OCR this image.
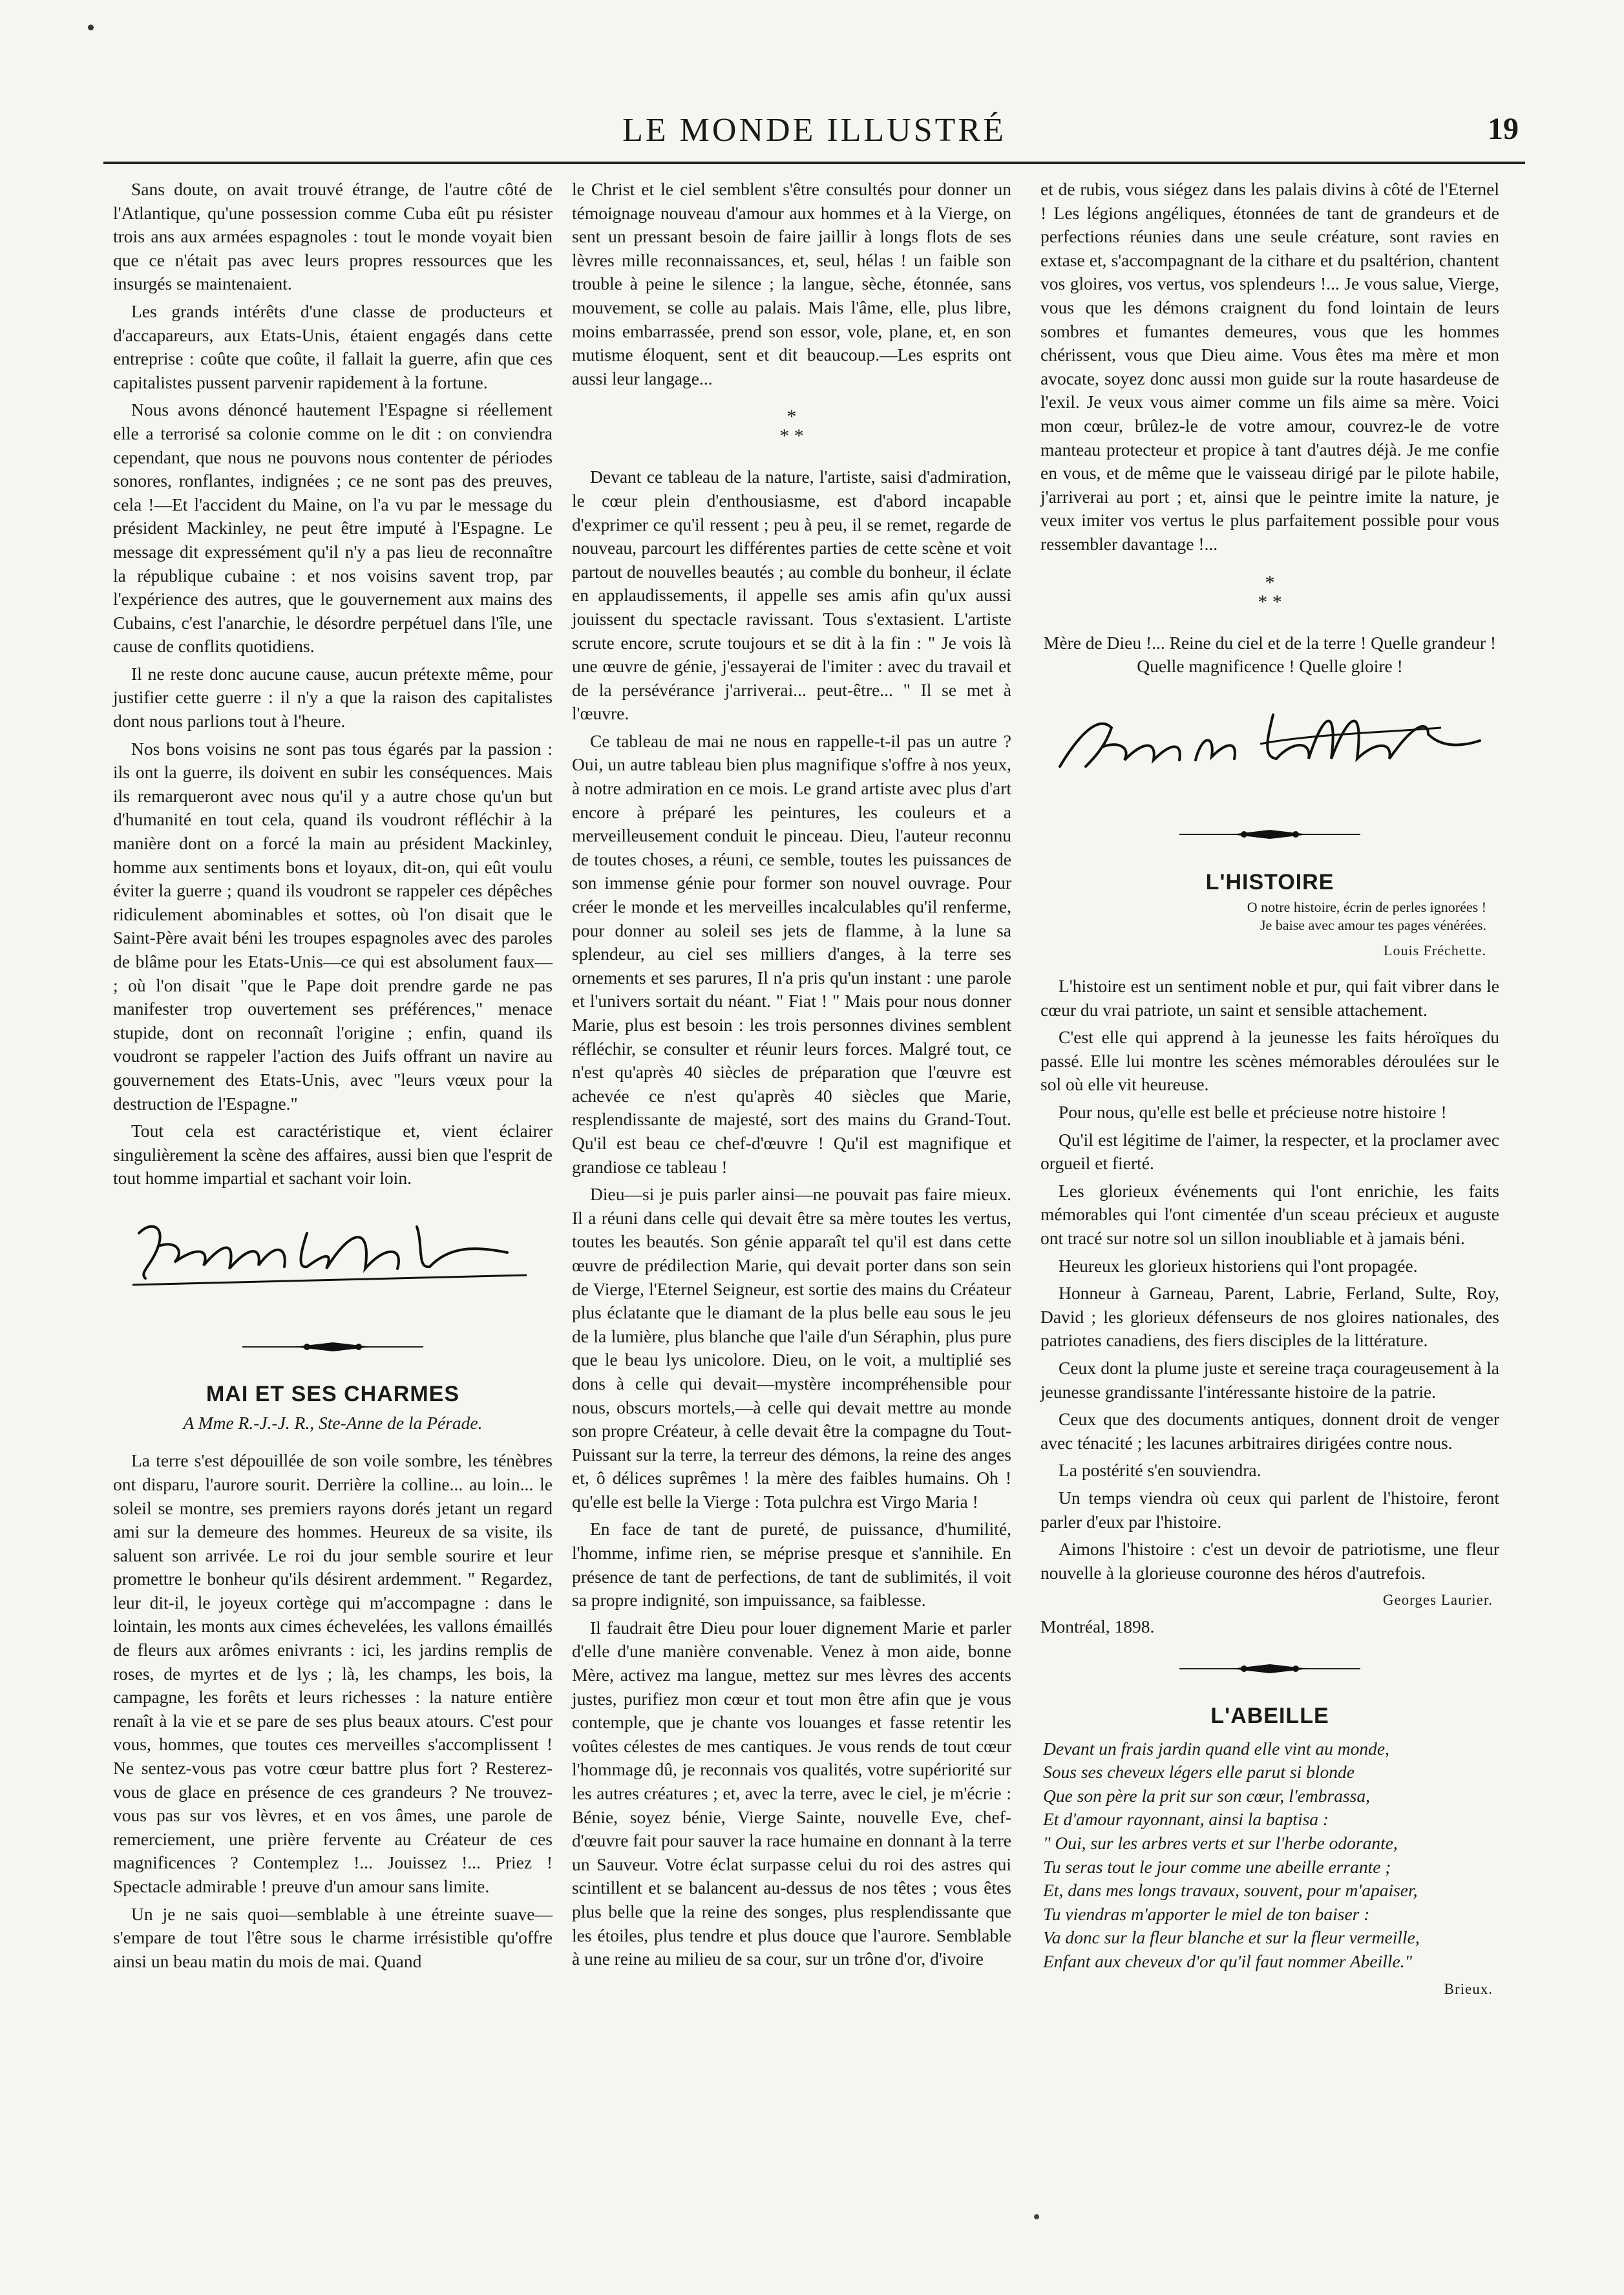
LE MONDE ILLUSTRÉ	19

Sans doute, on avait trouvé étrange, de l'autre côté de l'Atlantique, qu'une possession comme Cuba eût pu résister trois ans aux armées espagnoles : tout le monde voyait bien que ce n'était pas avec leurs propres ressources que les insurgés se maintenaient.

Les grands intérêts d'une classe de producteurs et d'accapareurs, aux Etats-Unis, étaient engagés dans cette entreprise : coûte que coûte, il fallait la guerre, afin que ces capitalistes pussent parvenir rapidement à la fortune.

Nous avons dénoncé hautement l'Espagne si réellement elle a terrorisé sa colonie comme on le dit : on conviendra cependant, que nous ne pouvons nous contenter de périodes sonores, ronflantes, indignées ; ce ne sont pas des preuves, cela !—Et l'accident du Maine, on l'a vu par le message du président Mackinley, ne peut être imputé à l'Espagne. Le message dit expressément qu'il n'y a pas lieu de reconnaître la république cubaine : et nos voisins savent trop, par l'expérience des autres, que le gouvernement aux mains des Cubains, c'est l'anarchie, le désordre perpétuel dans l'île, une cause de conflits quotidiens.

Il ne reste donc aucune cause, aucun prétexte même, pour justifier cette guerre : il n'y a que la raison des capitalistes dont nous parlions tout à l'heure.

Nos bons voisins ne sont pas tous égarés par la passion : ils ont la guerre, ils doivent en subir les conséquences. Mais ils remarqueront avec nous qu'il y a autre chose qu'un but d'humanité en tout cela, quand ils voudront réfléchir à la manière dont on a forcé la main au président Mackinley, homme aux sentiments bons et loyaux, dit-on, qui eût voulu éviter la guerre ; quand ils voudront se rappeler ces dépêches ridiculement abominables et sottes, où l'on disait que le Saint-Père avait béni les troupes espagnoles avec des paroles de blâme pour les Etats-Unis—ce qui est absolument faux— ; où l'on disait "que le Pape doit prendre garde ne pas manifester trop ouvertement ses préférences," menace stupide, dont on reconnaît l'origine ; enfin, quand ils voudront se rappeler l'action des Juifs offrant un navire au gouvernement des Etats-Unis, avec "leurs vœux pour la destruction de l'Espagne."

Tout cela est caractéristique et, vient éclairer singulièrement la scène des affaires, aussi bien que l'esprit de tout homme impartial et sachant voir loin.

MAI ET SES CHARMES
A Mme R.-J.-J. R., Ste-Anne de la Pérade.

La terre s'est dépouillée de son voile sombre, les ténèbres ont disparu, l'aurore sourit. Derrière la colline... au loin... le soleil se montre, ses premiers rayons dorés jetant un regard ami sur la demeure des hommes. Heureux de sa visite, ils saluent son arrivée. Le roi du jour semble sourire et leur promettre le bonheur qu'ils désirent ardemment. " Regardez, leur dit-il, le joyeux cortège qui m'accompagne : dans le lointain, les monts aux cimes échevelées, les vallons émaillés de fleurs aux arômes enivrants : ici, les jardins remplis de roses, de myrtes et de lys ; là, les champs, les bois, la campagne, les forêts et leurs richesses : la nature entière renaît à la vie et se pare de ses plus beaux atours. C'est pour vous, hommes, que toutes ces merveilles s'accomplissent ! Ne sentez-vous pas votre cœur battre plus fort ? Resterez-vous de glace en présence de ces grandeurs ? Ne trouvez-vous pas sur vos lèvres, et en vos âmes, une parole de remerciement, une prière fervente au Créateur de ces magnificences ? Contemplez !... Jouissez !... Priez ! Spectacle admirable ! preuve d'un amour sans limite.

Un je ne sais quoi—semblable à une étreinte suave—s'empare de tout l'être sous le charme irrésistible qu'offre ainsi un beau matin du mois de mai. Quand

le Christ et le ciel semblent s'être consultés pour donner un témoignage nouveau d'amour aux hommes et à la Vierge, on sent un pressant besoin de faire jaillir à longs flots de ses lèvres mille reconnaissances, et, seul, hélas ! un faible son trouble à peine le silence ; la langue, sèche, étonnée, sans mouvement, se colle au palais. Mais l'âme, elle, plus libre, moins embarrassée, prend son essor, vole, plane, et, en son mutisme éloquent, sent et dit beaucoup.—Les esprits ont aussi leur langage...

*
* *

Devant ce tableau de la nature, l'artiste, saisi d'admiration, le cœur plein d'enthousiasme, est d'abord incapable d'exprimer ce qu'il ressent ; peu à peu, il se remet, regarde de nouveau, parcourt les différentes parties de cette scène et voit partout de nouvelles beautés ; au comble du bonheur, il éclate en applaudissements, il appelle ses amis afin qu'ux aussi jouissent du spectacle ravissant. Tous s'extasient. L'artiste scrute encore, scrute toujours et se dit à la fin : " Je vois là une œuvre de génie, j'essayerai de l'imiter : avec du travail et de la persévérance j'arriverai... peut-être... " Il se met à l'œuvre.

Ce tableau de mai ne nous en rappelle-t-il pas un autre ? Oui, un autre tableau bien plus magnifique s'offre à nos yeux, à notre admiration en ce mois. Le grand artiste avec plus d'art encore à préparé les peintures, les couleurs et a merveilleusement conduit le pinceau. Dieu, l'auteur reconnu de toutes choses, a réuni, ce semble, toutes les puissances de son immense génie pour former son nouvel ouvrage. Pour créer le monde et les merveilles incalculables qu'il renferme, pour donner au soleil ses jets de flamme, à la lune sa splendeur, au ciel ses milliers d'anges, à la terre ses ornements et ses parures, Il n'a pris qu'un instant : une parole et l'univers sortait du néant. " Fiat ! " Mais pour nous donner Marie, plus est besoin : les trois personnes divines semblent réfléchir, se consulter et réunir leurs forces. Malgré tout, ce n'est qu'après 40 siècles de préparation que l'œuvre est achevée ce n'est qu'après 40 siècles que Marie, resplendissante de majesté, sort des mains du Grand-Tout. Qu'il est beau ce chef-d'œuvre ! Qu'il est magnifique et grandiose ce tableau !

Dieu—si je puis parler ainsi—ne pouvait pas faire mieux. Il a réuni dans celle qui devait être sa mère toutes les vertus, toutes les beautés. Son génie apparaît tel qu'il est dans cette œuvre de prédilection Marie, qui devait porter dans son sein de Vierge, l'Eternel Seigneur, est sortie des mains du Créateur plus éclatante que le diamant de la plus belle eau sous le jeu de la lumière, plus blanche que l'aile d'un Séraphin, plus pure que le beau lys unicolore. Dieu, on le voit, a multiplié ses dons à celle qui devait—mystère incompréhensible pour nous, obscurs mortels,—à celle qui devait mettre au monde son propre Créateur, à celle devait être la compagne du Tout-Puissant sur la terre, la terreur des démons, la reine des anges et, ô délices suprêmes ! la mère des faibles humains. Oh ! qu'elle est belle la Vierge : Tota pulchra est Virgo Maria !

En face de tant de pureté, de puissance, d'humilité, l'homme, infime rien, se méprise presque et s'annihile. En présence de tant de perfections, de tant de sublimités, il voit sa propre indignité, son impuissance, sa faiblesse.

Il faudrait être Dieu pour louer dignement Marie et parler d'elle d'une manière convenable. Venez à mon aide, bonne Mère, activez ma langue, mettez sur mes lèvres des accents justes, purifiez mon cœur et tout mon être afin que je vous contemple, que je chante vos louanges et fasse retentir les voûtes célestes de mes cantiques. Je vous rends de tout cœur l'hommage dû, je reconnais vos qualités, votre supériorité sur les autres créatures ; et, avec la terre, avec le ciel, je m'écrie : Bénie, soyez bénie, Vierge Sainte, nouvelle Eve, chef-d'œuvre fait pour sauver la race humaine en donnant à la terre un Sauveur. Votre éclat surpasse celui du roi des astres qui scintillent et se balancent au-dessus de nos têtes ; vous êtes plus belle que la reine des songes, plus resplendissante que les étoiles, plus tendre et plus douce que l'aurore. Semblable à une reine au milieu de sa cour, sur un trône d'or, d'ivoire

et de rubis, vous siégez dans les palais divins à côté de l'Eternel ! Les légions angéliques, étonnées de tant de grandeurs et de perfections réunies dans une seule créature, sont ravies en extase et, s'accompagnant de la cithare et du psaltérion, chantent vos gloires, vos vertus, vos splendeurs !... Je vous salue, Vierge, vous que les démons craignent du fond lointain de leurs sombres et fumantes demeures, vous que les hommes chérissent, vous que Dieu aime. Vous êtes ma mère et mon avocate, soyez donc aussi mon guide sur la route hasardeuse de l'exil. Je veux vous aimer comme un fils aime sa mère. Voici mon cœur, brûlez-le de votre amour, couvrez-le de votre manteau protecteur et propice à tant d'autres déjà. Je me confie en vous, et de même que le vaisseau dirigé par le pilote habile, j'arriverai au port ; et, ainsi que le peintre imite la nature, je veux imiter vos vertus le plus parfaitement possible pour vous ressembler davantage !...

*
* *

Mère de Dieu !... Reine du ciel et de la terre ! Quelle grandeur ! Quelle magnificence ! Quelle gloire !

L'HISTOIRE
O notre histoire, écrin de perles ignorées !
Je baise avec amour tes pages vénérées.
Louis Fréchette.

L'histoire est un sentiment noble et pur, qui fait vibrer dans le cœur du vrai patriote, un saint et sensible attachement.

C'est elle qui apprend à la jeunesse les faits héroïques du passé. Elle lui montre les scènes mémorables déroulées sur le sol où elle vit heureuse.

Pour nous, qu'elle est belle et précieuse notre histoire !

Qu'il est légitime de l'aimer, la respecter, et la proclamer avec orgueil et fierté.

Les glorieux événements qui l'ont enrichie, les faits mémorables qui l'ont cimentée d'un sceau précieux et auguste ont tracé sur notre sol un sillon inoubliable et à jamais béni.

Heureux les glorieux historiens qui l'ont propagée.

Honneur à Garneau, Parent, Labrie, Ferland, Sulte, Roy, David ; les glorieux défenseurs de nos gloires nationales, des patriotes canadiens, des fiers disciples de la littérature.

Ceux dont la plume juste et sereine traça courageusement à la jeunesse grandissante l'intéressante histoire de la patrie.

Ceux que des documents antiques, donnent droit de venger avec ténacité ; les lacunes arbitraires dirigées contre nous.

La postérité s'en souviendra.

Un temps viendra où ceux qui parlent de l'histoire, feront parler d'eux par l'histoire.

Aimons l'histoire : c'est un devoir de patriotisme, une fleur nouvelle à la glorieuse couronne des héros d'autrefois.

Georges Laurier.
Montréal, 1898.
L'ABEILLE
Devant un frais jardin quand elle vint au monde,
Sous ses cheveux légers elle parut si blonde
Que son père la prit sur son cœur, l'embrassa,
Et d'amour rayonnant, ainsi la baptisa :
" Oui, sur les arbres verts et sur l'herbe odorante,
Tu seras tout le jour comme une abeille errante ;
Et, dans mes longs travaux, souvent, pour m'apaiser,
Tu viendras m'apporter le miel de ton baiser :
Va donc sur la fleur blanche et sur la fleur vermeille,
Enfant aux cheveux d'or qu'il faut nommer Abeille."
Brieux.
